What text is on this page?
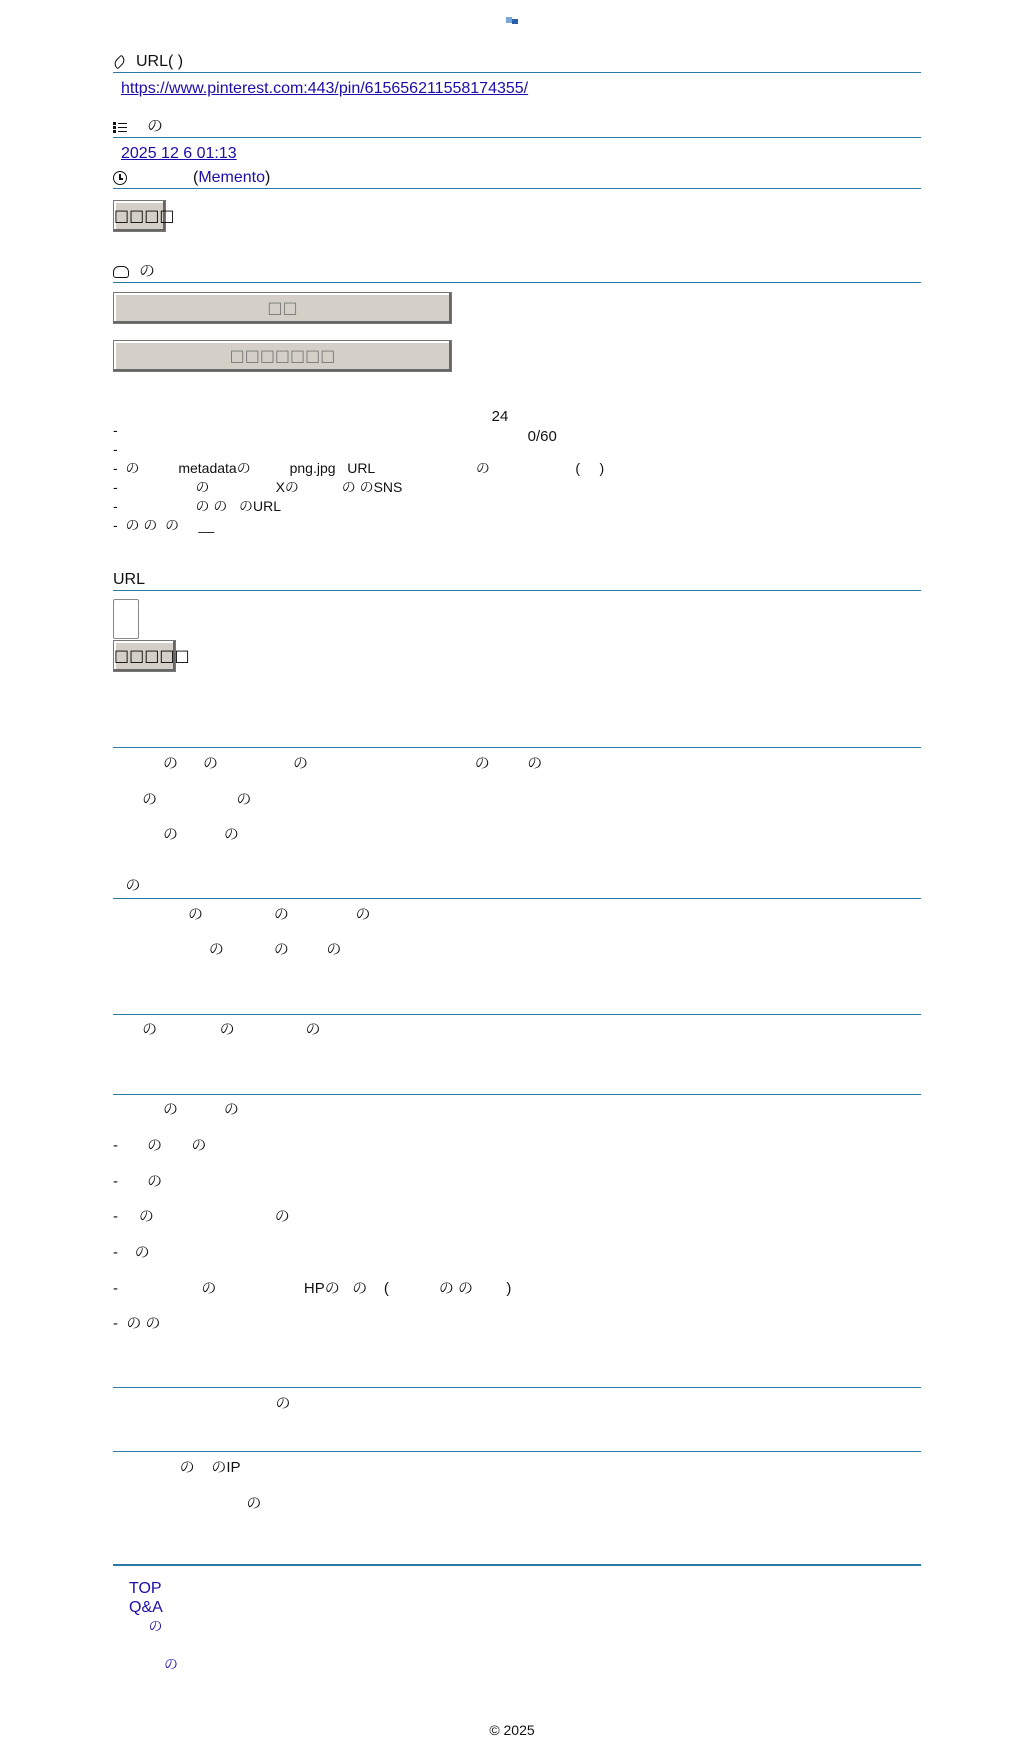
URL( )
https://www.pinterest.com:443/pin/615656211558174355/
の
2025 12 6 01:13
( Memento )
□□□□
の
□□
□□□□□□□

24
0/60

-
-
-  の          metadataの          png.jpg   URL                          の                      (     )
-                    の                 Xの           の のSNS
-                    の の   のURL
-  の の  の     __
URL
□□□□□
の      の                  の                                        の         の
の                   の
の           の
の
の                 の                の
の            の         の
の               の                 の
の           の
-       の       の
-       の
-     の                             の
-    の
-                    の                     HPの   の    (            の の        )
-  の の
の
の    のIP
の
TOP
Q&A
の
の
© 2025
